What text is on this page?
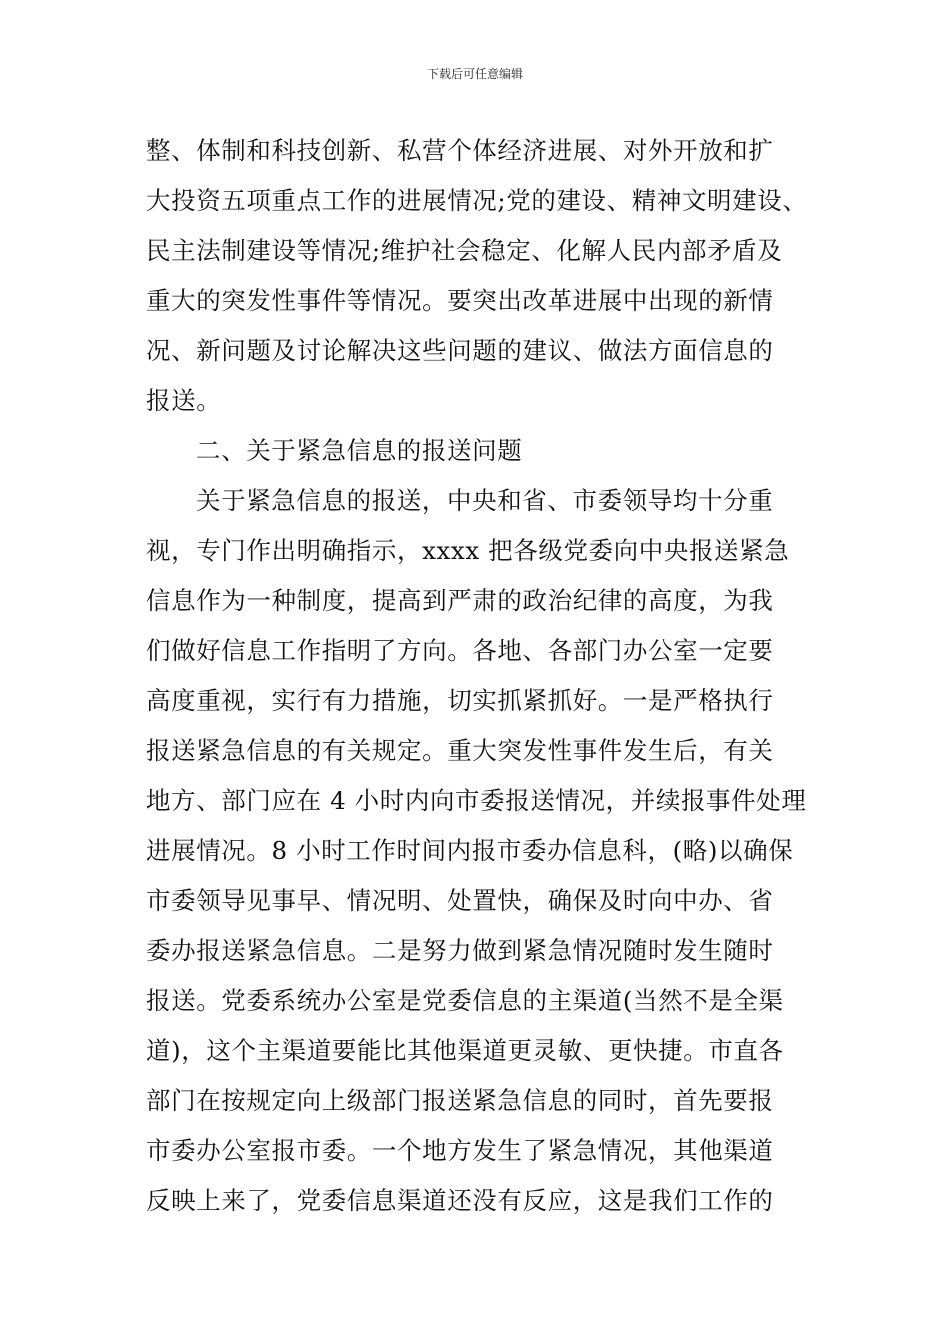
下载后可任意编辑
整、体制和科技创新、私营个体经济进展、对外开放和扩
大投资五项重点工作的进展情况;党的建设、精神文明建设、
民主法制建设等情况;维护社会稳定、化解人民内部矛盾及
重大的突发性事件等情况。要突出改革进展中出现的新情
况、新问题及讨论解决这些问题的建议、做法方面信息的
报送。
二、关于紧急信息的报送问题
关于紧急信息的报送，中央和省、市委领导均十分重
视，专门作出明确指示，xxxx 把各级党委向中央报送紧急
信息作为一种制度，提高到严肃的政治纪律的高度，为我
们做好信息工作指明了方向。各地、各部门办公室一定要
高度重视，实行有力措施，切实抓紧抓好。一是严格执行
报送紧急信息的有关规定。重大突发性事件发生后，有关
地方、部门应在 4 小时内向市委报送情况，并续报事件处理
进展情况。8 小时工作时间内报市委办信息科，(略)以确保
市委领导见事早、情况明、处置快，确保及时向中办、省
委办报送紧急信息。二是努力做到紧急情况随时发生随时
报送。党委系统办公室是党委信息的主渠道(当然不是全渠
道)，这个主渠道要能比其他渠道更灵敏、更快捷。市直各
部门在按规定向上级部门报送紧急信息的同时，首先要报
市委办公室报市委。一个地方发生了紧急情况，其他渠道
反映上来了，党委信息渠道还没有反应，这是我们工作的
